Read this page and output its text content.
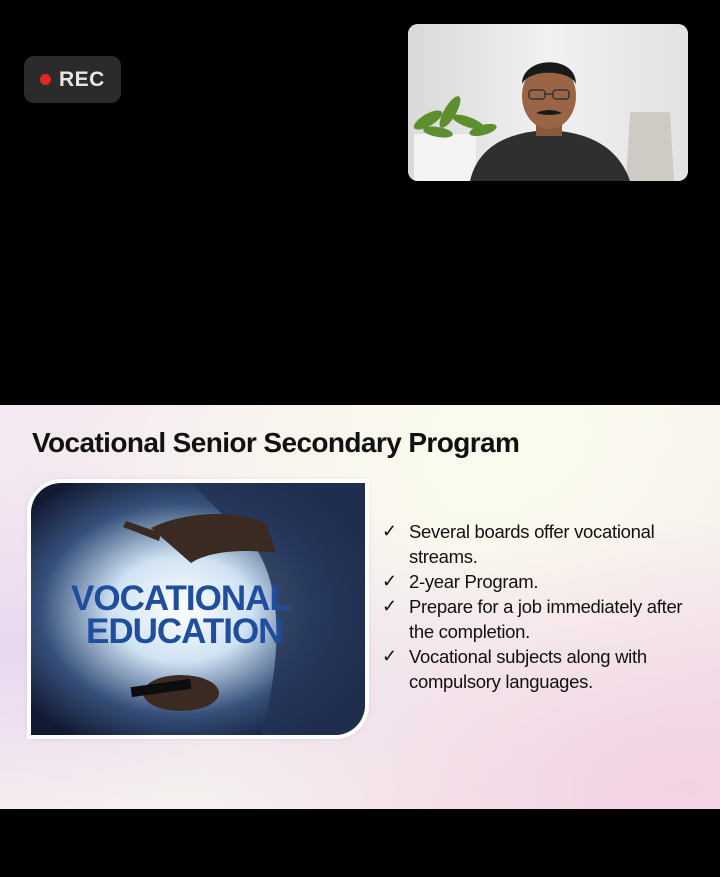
REC
Vocational Senior Secondary Program
VOCATIONAL
EDUCATION
✓ Several boards offer vocational streams.
✓ 2-year Program.
✓ Prepare for a job immediately after the completion.
✓ Vocational subjects along with compulsory languages.
